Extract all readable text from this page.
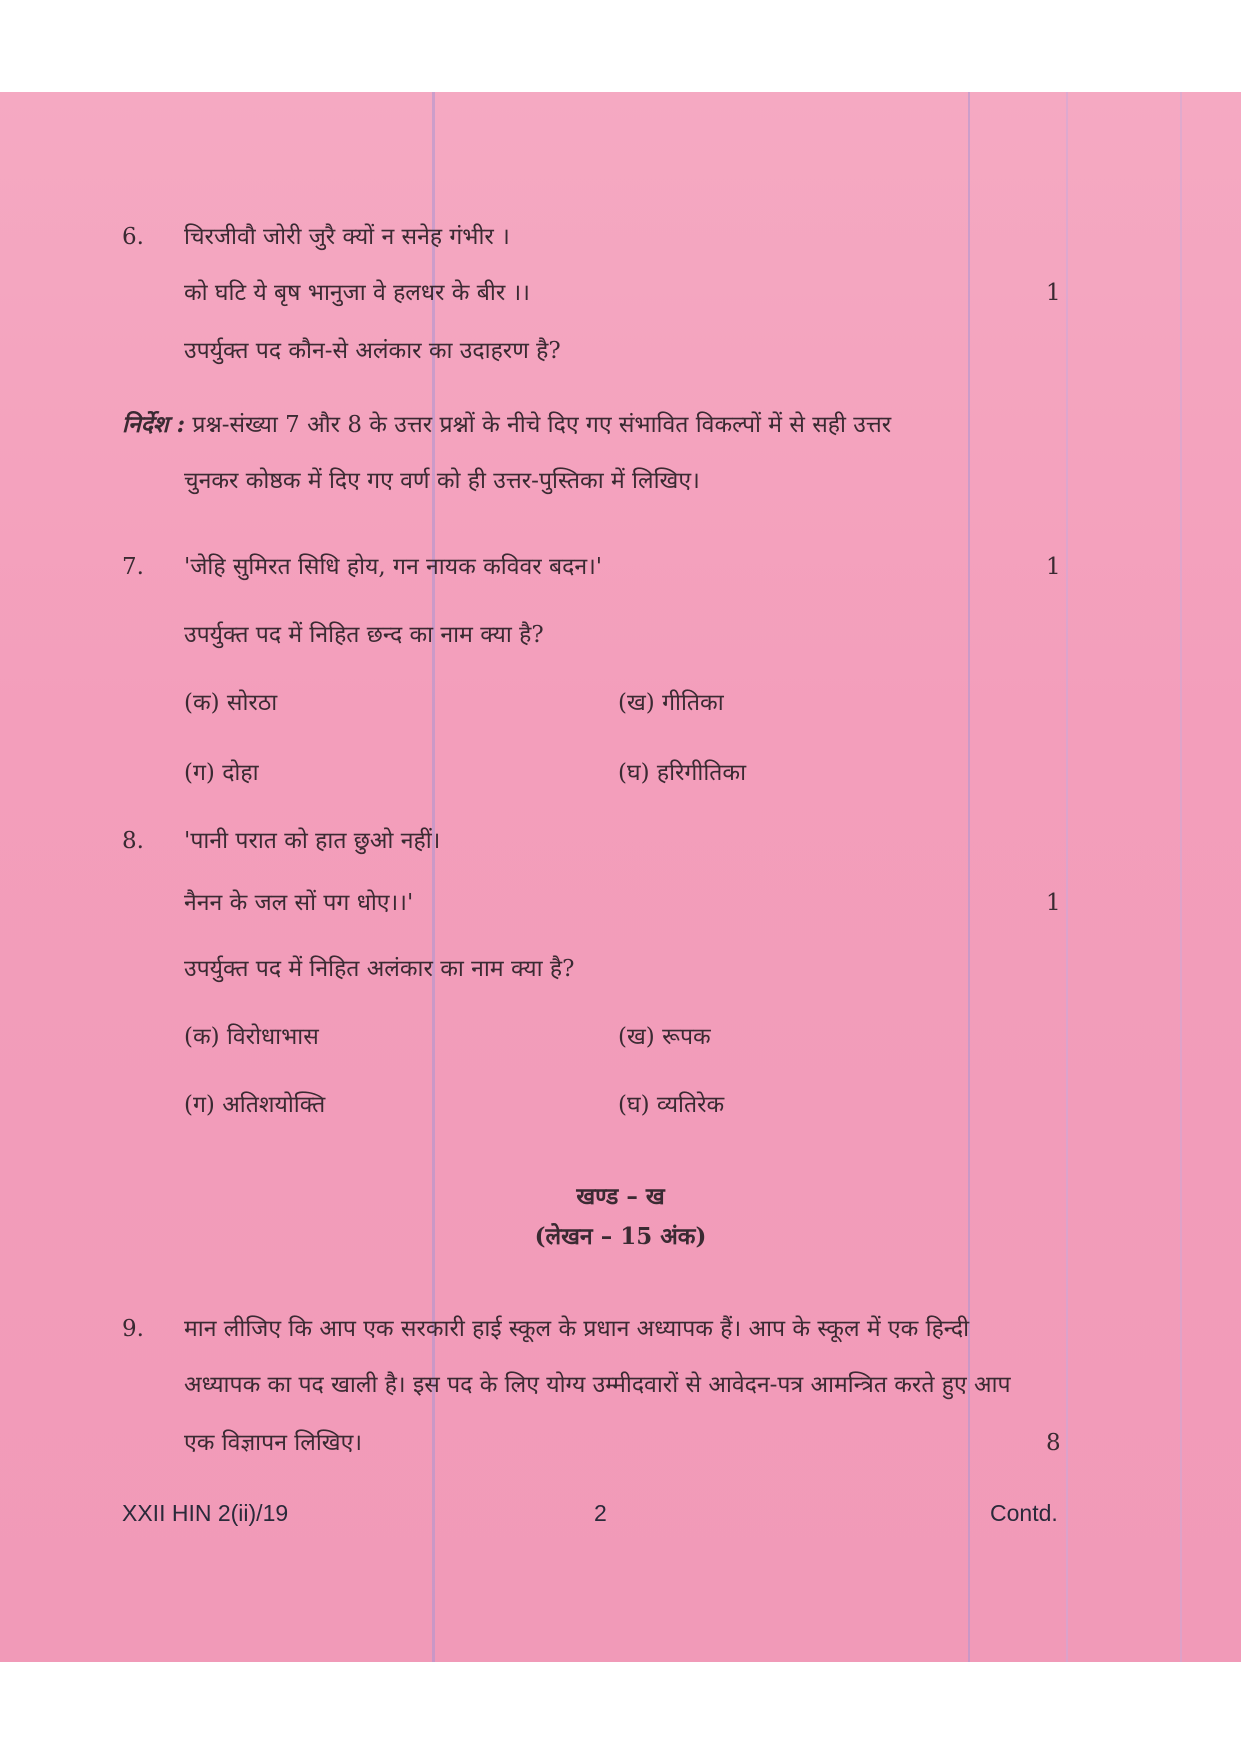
6. चिरजीवौ जोरी जुरै क्यों न सनेह गंभीर ।
को घटि ये बृष भानुजा वे हलधर के बीर ।।	1
उपर्युक्त पद कौन-से अलंकार का उदाहरण है?
निर्देश : प्रश्न-संख्या 7 और 8 के उत्तर प्रश्नों के नीचे दिए गए संभावित विकल्पों में से सही उत्तर
चुनकर कोष्ठक में दिए गए वर्ण को ही उत्तर-पुस्तिका में लिखिए।
7. 'जेहि सुमिरत सिधि होय, गन नायक कविवर बदन।'	1
उपर्युक्त पद में निहित छन्द का नाम क्या है?
(क) सोरठा	(ख) गीतिका
(ग) दोहा	(घ) हरिगीतिका
8. 'पानी परात को हात छुओ नहीं।
नैनन के जल सों पग धोए।।'	1
उपर्युक्त पद में निहित अलंकार का नाम क्या है?
(क) विरोधाभास	(ख) रूपक
(ग) अतिशयोक्ति	(घ) व्यतिरेक
खण्ड – ख
(लेखन – 15 अंक)
9. मान लीजिए कि आप एक सरकारी हाई स्कूल के प्रधान अध्यापक हैं। आप के स्कूल में एक हिन्दी
अध्यापक का पद खाली है। इस पद के लिए योग्य उम्मीदवारों से आवेदन-पत्र आमन्त्रित करते हुए आप
एक विज्ञापन लिखिए।	8
XXII HIN 2(ii)/19	2	Contd.
